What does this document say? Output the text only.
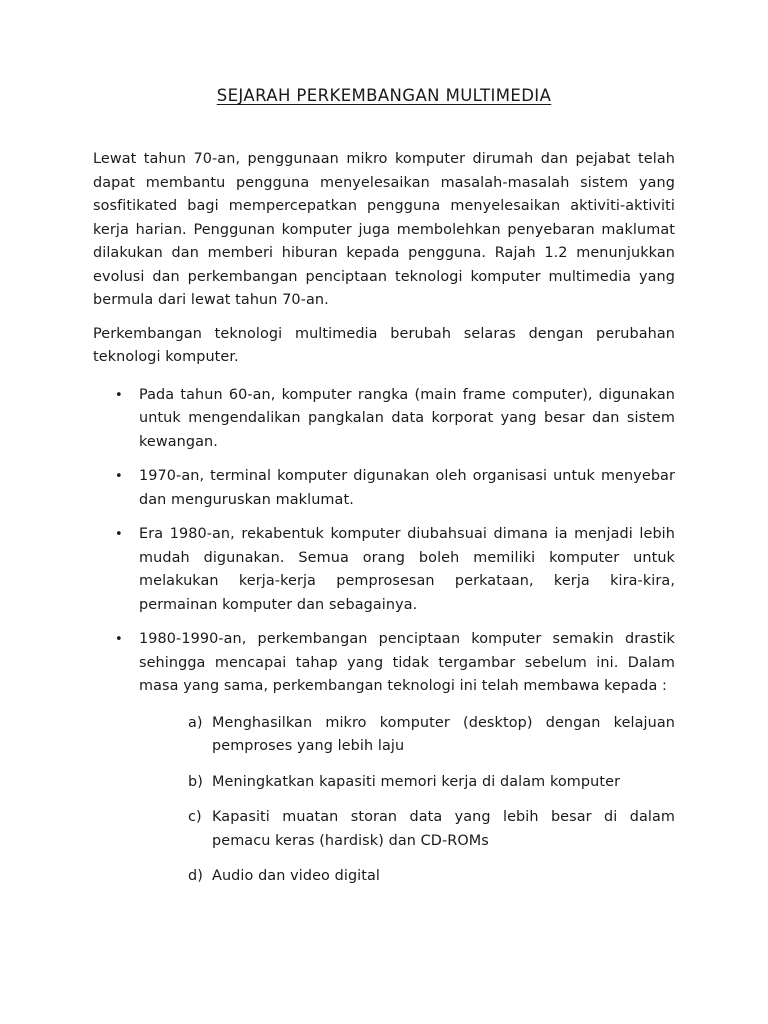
SEJARAH PERKEMBANGAN MULTIMEDIA

Lewat tahun 70-an, penggunaan mikro komputer dirumah dan pejabat telah dapat membantu pengguna menyelesaikan masalah-masalah sistem yang sosfitikated bagi mempercepatkan pengguna menyelesaikan aktiviti-aktiviti kerja harian. Penggunan komputer juga membolehkan penyebaran maklumat dilakukan dan memberi hiburan kepada pengguna. Rajah 1.2 menunjukkan evolusi dan perkembangan penciptaan teknologi komputer multimedia yang bermula dari lewat tahun 70-an.

Perkembangan teknologi multimedia berubah selaras dengan perubahan teknologi komputer.

• Pada tahun 60-an, komputer rangka (main frame computer), digunakan untuk mengendalikan pangkalan data korporat yang besar dan sistem kewangan.
• 1970-an, terminal komputer digunakan oleh organisasi untuk menyebar dan menguruskan maklumat.
• Era 1980-an, rekabentuk komputer diubahsuai dimana ia menjadi lebih mudah digunakan. Semua orang boleh memiliki komputer untuk melakukan kerja-kerja pemprosesan perkataan, kerja kira-kira, permainan komputer dan sebagainya.
• 1980-1990-an, perkembangan penciptaan komputer semakin drastik sehingga mencapai tahap yang tidak tergambar sebelum ini. Dalam masa yang sama, perkembangan teknologi ini telah membawa kepada :
a) Menghasilkan mikro komputer (desktop) dengan kelajuan pemproses yang lebih laju
b) Meningkatkan kapasiti memori kerja di dalam komputer
c) Kapasiti muatan storan data yang lebih besar di dalam pemacu keras (hardisk) dan CD-ROMs
d) Audio dan video digital
